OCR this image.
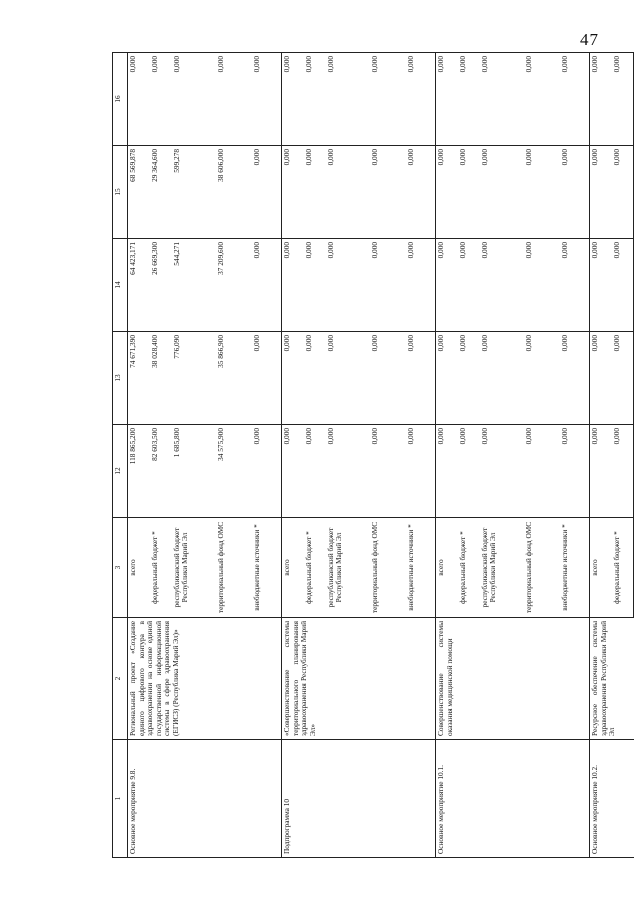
47
1	2	3	12	13	14	15	16
Основное мероприятие 9.8.	Региональный проект «Создание единого цифрового контура в здравоохранении на основе единой государственной информационной системы в сфере здравоохранения (ЕГИСЗ) (Республика Марий Эл)»	всего	118 865,200	74 671,390	64 423,171	68 569,878	0,000
		федеральный бюджет *	82 603,500	38 028,400	26 669,300	29 364,600	0,000
		республиканский бюджет Республики Марий Эл	1 685,800	776,090	544,271	599,278	0,000
		территориальный фонд ОМС	34 575,900	35 866,900	37 209,600	38 606,000	0,000
		внебюджетные источники *	0,000	0,000	0,000	0,000	0,000
Подпрограмма 10	«Совершенствование системы территориального планирования здравоохранения Республики Марий Эл»	всего	0,000	0,000	0,000	0,000	0,000
		федеральный бюджет *	0,000	0,000	0,000	0,000	0,000
		республиканский бюджет Республики Марий Эл	0,000	0,000	0,000	0,000	0,000
		территориальный фонд ОМС	0,000	0,000	0,000	0,000	0,000
		внебюджетные источники *	0,000	0,000	0,000	0,000	0,000
Основное мероприятие 10.1.	Совершенствование системы оказания медицинской помощи	всего	0,000	0,000	0,000	0,000	0,000
		федеральный бюджет *	0,000	0,000	0,000	0,000	0,000
		республиканский бюджет Республики Марий Эл	0,000	0,000	0,000	0,000	0,000
		территориальный фонд ОМС	0,000	0,000	0,000	0,000	0,000
		внебюджетные источники *	0,000	0,000	0,000	0,000	0,000
Основное мероприятие 10.2.	Ресурсное обеспечение системы здравоохранения Республики Марий Эл	всего	0,000	0,000	0,000	0,000	0,000
		федеральный бюджет *	0,000	0,000	0,000	0,000	0,000
